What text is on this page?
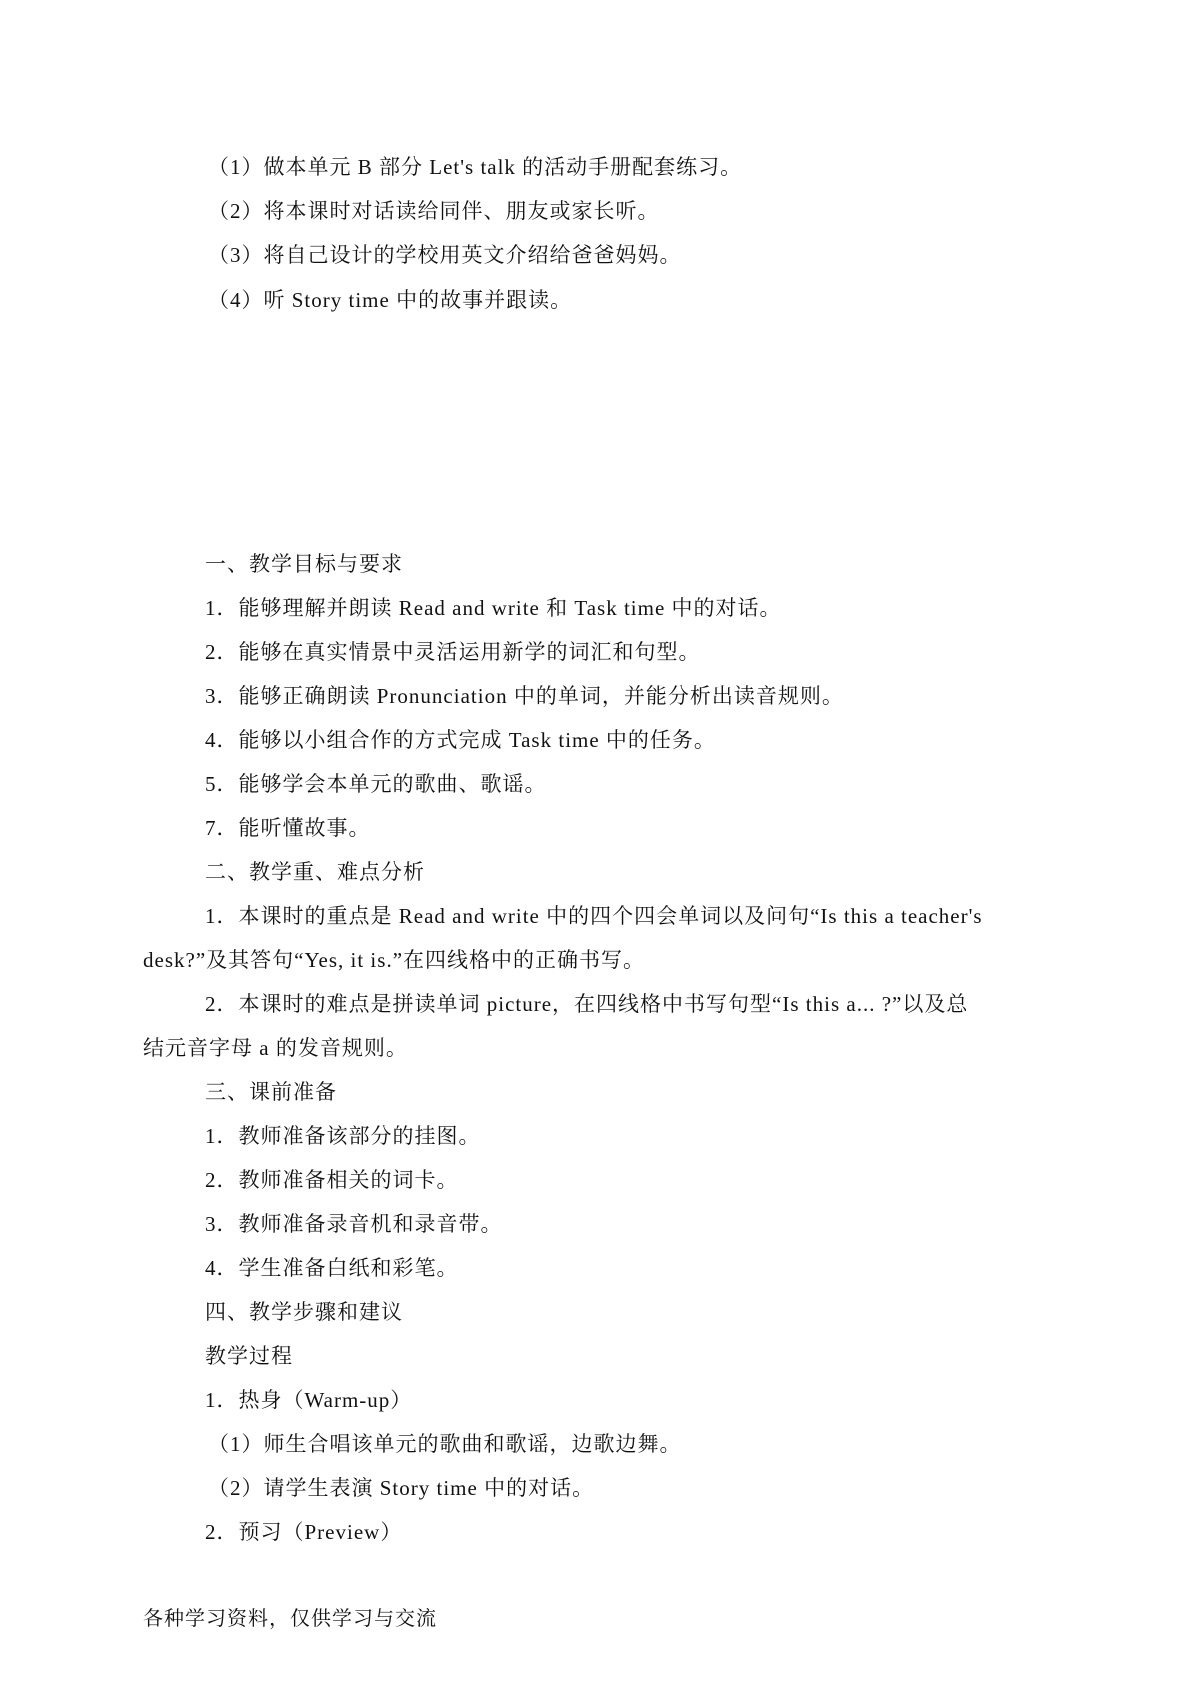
（1）做本单元 B 部分 Let's talk 的活动手册配套练习。
（2）将本课时对话读给同伴、朋友或家长听。
（3）将自己设计的学校用英文介绍给爸爸妈妈。
（4）听 Story time 中的故事并跟读。
一、教学目标与要求
1．能够理解并朗读 Read and write 和 Task time 中的对话。
2．能够在真实情景中灵活运用新学的词汇和句型。
3．能够正确朗读 Pronunciation 中的单词，并能分析出读音规则。
4．能够以小组合作的方式完成 Task time 中的任务。
5．能够学会本单元的歌曲、歌谣。
7．能听懂故事。
二、教学重、难点分析
1．本课时的重点是 Read and write 中的四个四会单词以及问句“Is this a teacher's
desk?”及其答句“Yes, it is.”在四线格中的正确书写。
2．本课时的难点是拼读单词 picture，在四线格中书写句型“Is this a... ?”以及总
结元音字母 a 的发音规则。
三、课前准备
1．教师准备该部分的挂图。
2．教师准备相关的词卡。
3．教师准备录音机和录音带。
4．学生准备白纸和彩笔。
四、教学步骤和建议
教学过程
1．热身（Warm-up）
（1）师生合唱该单元的歌曲和歌谣，边歌边舞。
（2）请学生表演 Story time 中的对话。
2．预习（Preview）
各种学习资料，仅供学习与交流
